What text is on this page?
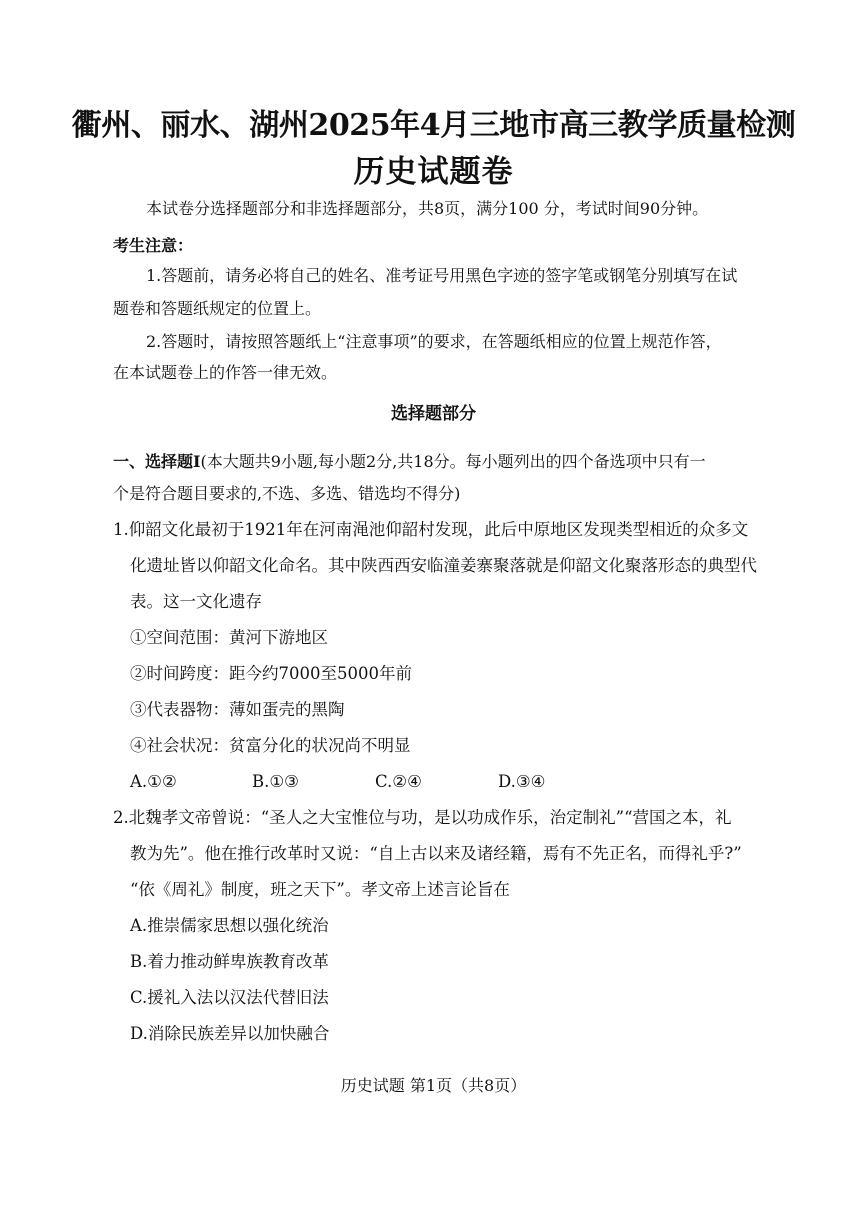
衢州、丽水、湖州2025年4月三地市高三教学质量检测
历史试题卷
本试卷分选择题部分和非选择题部分，共8页，满分100 分，考试时间90分钟。
考生注意：
1.答题前，请务必将自己的姓名、准考证号用黑色字迹的签字笔或钢笔分别填写在试
题卷和答题纸规定的位置上。
2.答题时，请按照答题纸上“注意事项”的要求，在答题纸相应的位置上规范作答，
在本试题卷上的作答一律无效。
选择题部分
一、选择题Ⅰ(本大题共9小题,每小题2分,共18分。每小题列出的四个备选项中只有一
个是符合题目要求的,不选、多选、错选均不得分)
1.仰韶文化最初于1921年在河南渑池仰韶村发现，此后中原地区发现类型相近的众多文
化遗址皆以仰韶文化命名。其中陕西西安临潼姜寨聚落就是仰韶文化聚落形态的典型代
表。这一文化遗存
①空间范围：黄河下游地区
②时间跨度：距今约7000至5000年前
③代表器物：薄如蛋壳的黑陶
④社会状况：贫富分化的状况尚不明显
A.①②	B.①③	C.②④	D.③④
2.北魏孝文帝曾说：“圣人之大宝惟位与功，是以功成作乐，治定制礼”“营国之本，礼
教为先”。他在推行改革时又说：“自上古以来及诸经籍，焉有不先正名，而得礼乎?”
“依《周礼》制度，班之天下”。孝文帝上述言论旨在
A.推崇儒家思想以强化统治
B.着力推动鲜卑族教育改革
C.援礼入法以汉法代替旧法
D.消除民族差异以加快融合
历史试题 第1页（共8页）
